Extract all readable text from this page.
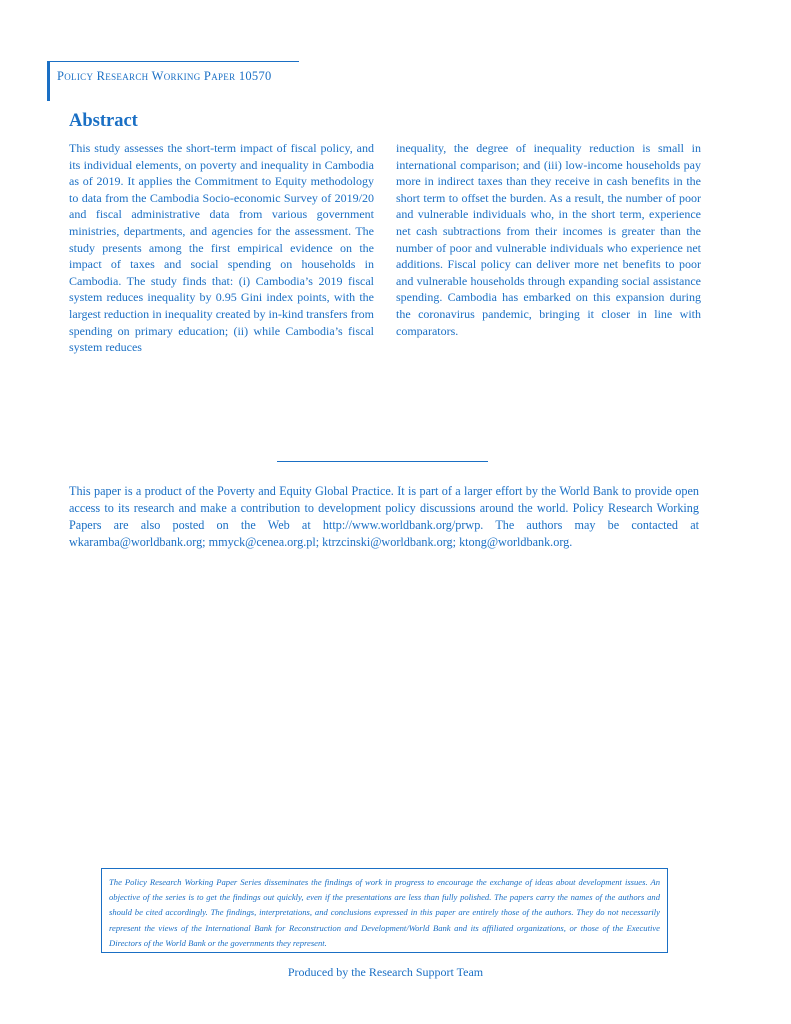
Policy Research Working Paper 10570
Abstract

This study assesses the short-term impact of fiscal policy, and its individual elements, on poverty and inequality in Cambodia as of 2019. It applies the Commitment to Equity methodology to data from the Cambodia Socio-economic Survey of 2019/20 and fiscal administrative data from various government ministries, departments, and agencies for the assessment. The study presents among the first empirical evidence on the impact of taxes and social spending on households in Cambodia. The study finds that: (i) Cambodia’s 2019 fiscal system reduces inequality by 0.95 Gini index points, with the largest reduction in inequality created by in-kind transfers from spending on primary education; (ii) while Cambodia’s fiscal system reduces

inequality, the degree of inequality reduction is small in international comparison; and (iii) low-income households pay more in indirect taxes than they receive in cash benefits in the short term to offset the burden. As a result, the number of poor and vulnerable individuals who, in the short term, experience net cash subtractions from their incomes is greater than the number of poor and vulnerable individuals who experience net additions. Fiscal policy can deliver more net benefits to poor and vulnerable households through expanding social assistance spending. Cambodia has embarked on this expansion during the coronavirus pandemic, bringing it closer in line with comparators.

This paper is a product of the Poverty and Equity Global Practice. It is part of a larger effort by the World Bank to provide open access to its research and make a contribution to development policy discussions around the world. Policy Research Working Papers are also posted on the Web at http://www.worldbank.org/prwp. The authors may be contacted at wkaramba@worldbank.org; mmyck@cenea.org.pl; ktrzcinski@worldbank.org; ktong@worldbank.org.

The Policy Research Working Paper Series disseminates the findings of work in progress to encourage the exchange of ideas about development issues. An objective of the series is to get the findings out quickly, even if the presentations are less than fully polished. The papers carry the names of the authors and should be cited accordingly. The findings, interpretations, and conclusions expressed in this paper are entirely those of the authors. They do not necessarily represent the views of the International Bank for Reconstruction and Development/World Bank and its affiliated organizations, or those of the Executive Directors of the World Bank or the governments they represent.

Produced by the Research Support Team
